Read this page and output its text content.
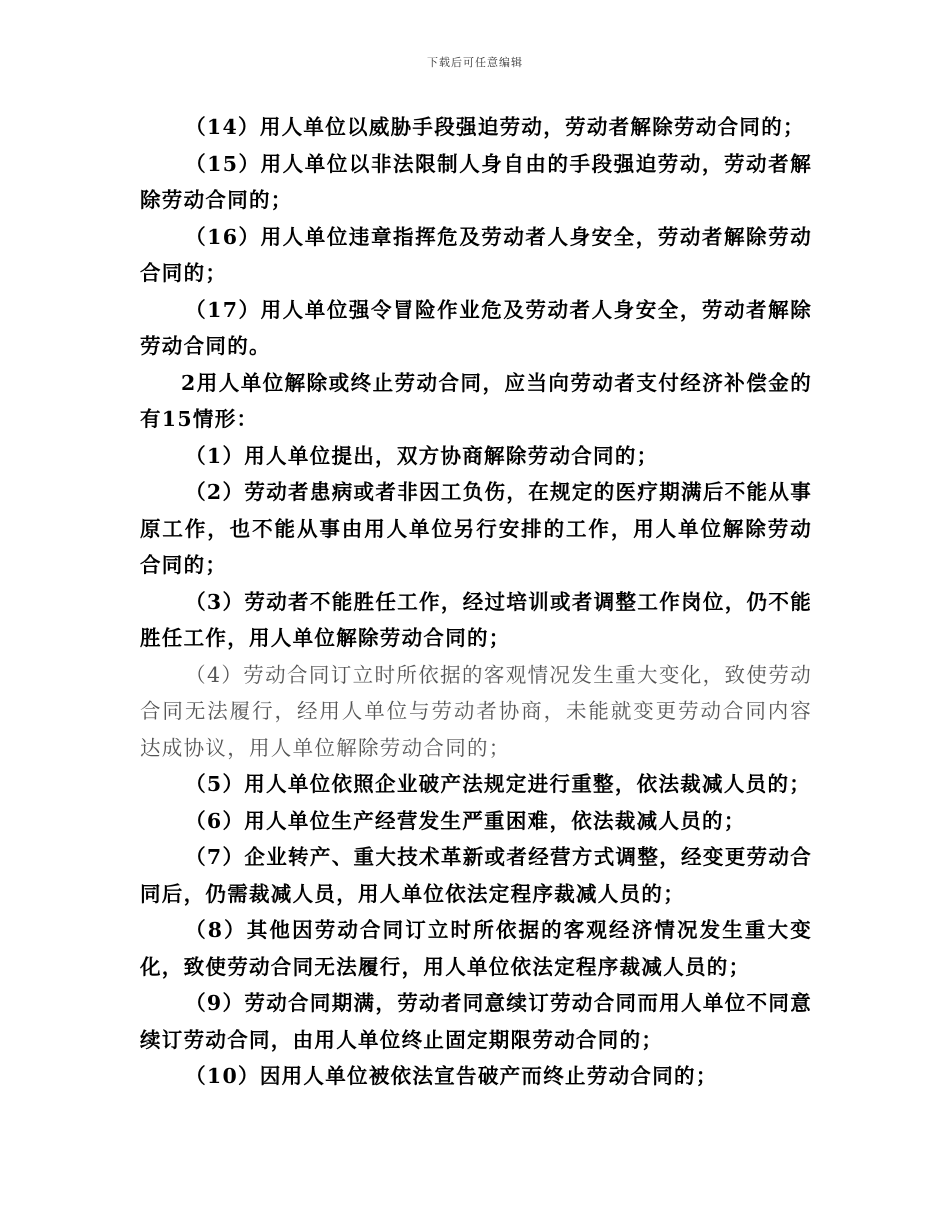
下载后可任意编辑

（14）用人单位以威胁手段强迫劳动，劳动者解除劳动合同的；

（15）用人单位以非法限制人身自由的手段强迫劳动，劳动者解除劳动合同的；

（16）用人单位违章指挥危及劳动者人身安全，劳动者解除劳动合同的；

（17）用人单位强令冒险作业危及劳动者人身安全，劳动者解除劳动合同的。

2用人单位解除或终止劳动合同，应当向劳动者支付经济补偿金的有15情形：

（1）用人单位提出，双方协商解除劳动合同的；

（2）劳动者患病或者非因工负伤，在规定的医疗期满后不能从事原工作，也不能从事由用人单位另行安排的工作，用人单位解除劳动合同的；

（3）劳动者不能胜任工作，经过培训或者调整工作岗位，仍不能胜任工作，用人单位解除劳动合同的；

（4）劳动合同订立时所依据的客观情况发生重大变化，致使劳动合同无法履行，经用人单位与劳动者协商，未能就变更劳动合同内容达成协议，用人单位解除劳动合同的；

（5）用人单位依照企业破产法规定进行重整，依法裁减人员的；

（6）用人单位生产经营发生严重困难，依法裁减人员的；

（7）企业转产、重大技术革新或者经营方式调整，经变更劳动合同后，仍需裁减人员，用人单位依法定程序裁减人员的；

（8）其他因劳动合同订立时所依据的客观经济情况发生重大变化，致使劳动合同无法履行，用人单位依法定程序裁减人员的；

（9）劳动合同期满，劳动者同意续订劳动合同而用人单位不同意续订劳动合同，由用人单位终止固定期限劳动合同的；

（10）因用人单位被依法宣告破产而终止劳动合同的；
